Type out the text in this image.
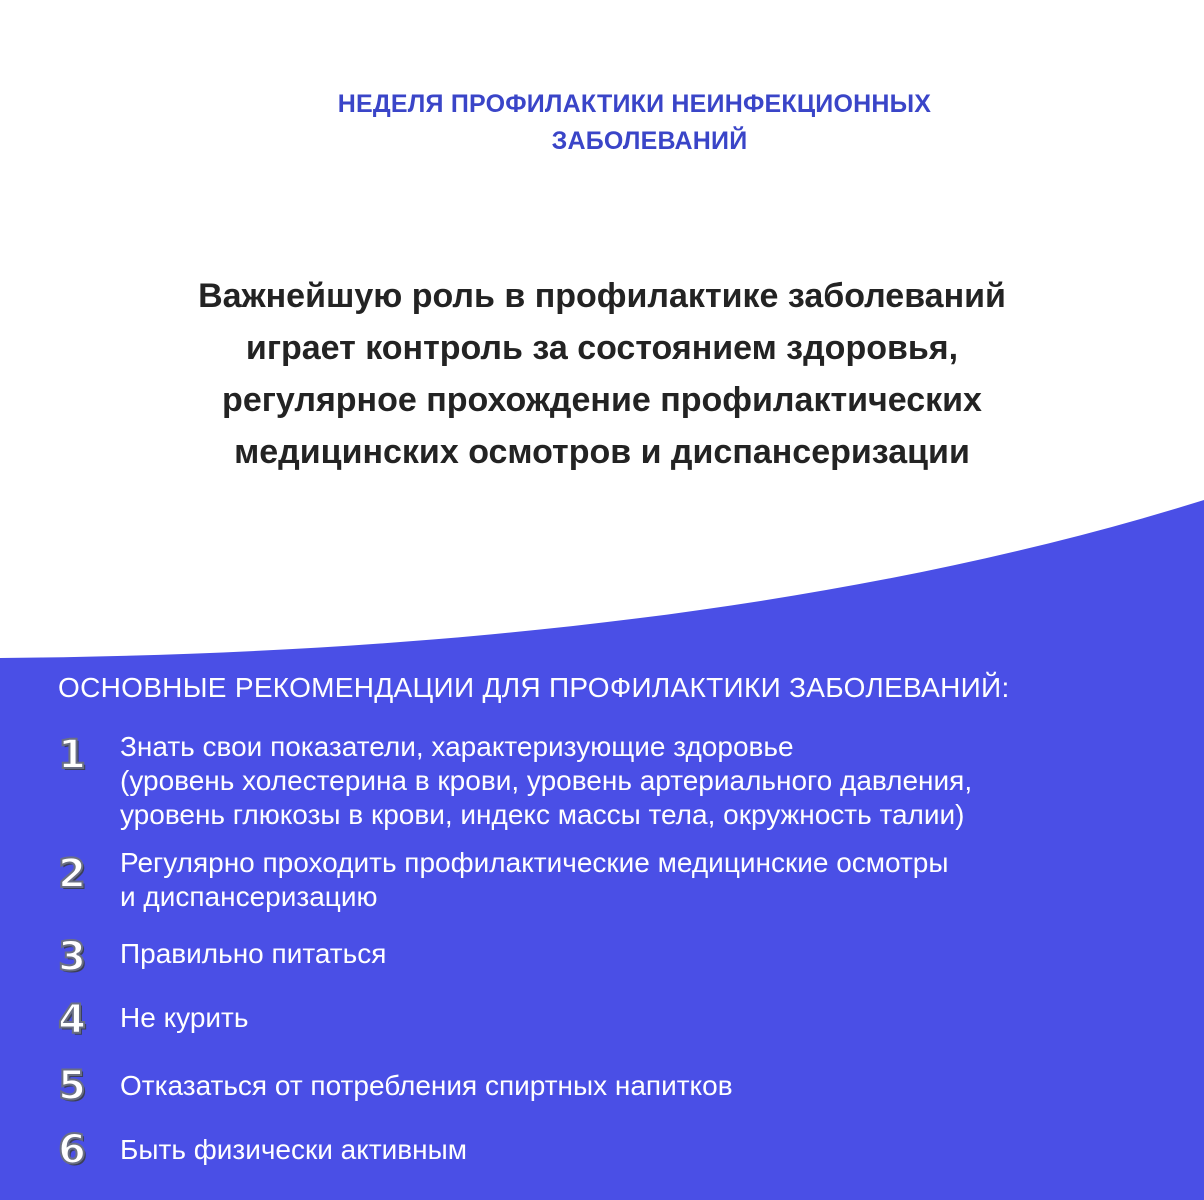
НЕДЕЛЯ ПРОФИЛАКТИКИ НЕИНФЕКЦИОННЫХ
ЗАБОЛЕВАНИЙ
Важнейшую роль в профилактике заболеваний
играет контроль за состоянием здоровья,
регулярное прохождение профилактических
медицинских осмотров и диспансеризации
ОСНОВНЫЕ РЕКОМЕНДАЦИИ ДЛЯ ПРОФИЛАКТИКИ ЗАБОЛЕВАНИЙ:
1 Знать свои показатели, характеризующие здоровье
(уровень холестерина в крови, уровень артериального давления,
уровень глюкозы в крови, индекс массы тела, окружность талии)
2 Регулярно проходить профилактические медицинские осмотры
и диспансеризацию
3 Правильно питаться
4 Не курить
5 Отказаться от потребления спиртных напитков
6 Быть физически активным
